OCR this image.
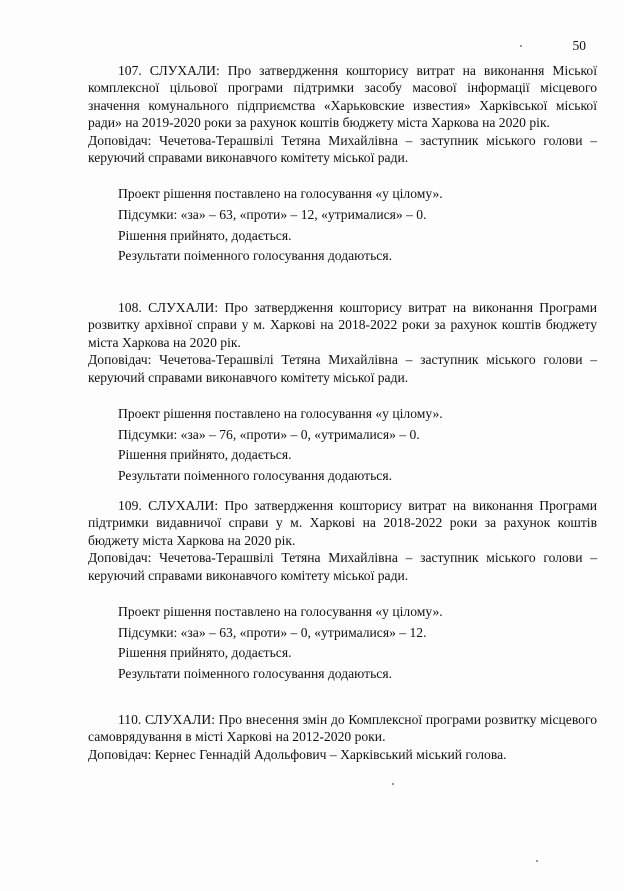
50

107. СЛУХАЛИ: Про затвердження кошторису витрат на виконання Міської комплексної цільової програми підтримки засобу масової інформації місцевого значення комунального підприємства «Харьковские известия» Харківської міської ради» на 2019-2020 роки за рахунок коштів бюджету міста Харкова на 2020 рік.

Доповідач: Чечетова-Терашвілі Тетяна Михайлівна – заступник міського голови – керуючий справами виконавчого комітету міської ради.

Проект рішення поставлено на голосування «у цілому».

Підсумки: «за» – 63, «проти» – 12, «утрималися» – 0.

Рішення прийнято, додається.

Результати поіменного голосування додаються.

108. СЛУХАЛИ: Про затвердження кошторису витрат на виконання Програми розвитку архівної справи у м. Харкові на 2018-2022 роки за рахунок коштів бюджету міста Харкова на 2020 рік.

Доповідач: Чечетова-Терашвілі Тетяна Михайлівна – заступник міського голови – керуючий справами виконавчого комітету міської ради.

Проект рішення поставлено на голосування «у цілому».

Підсумки: «за» – 76, «проти» – 0, «утрималися» – 0.

Рішення прийнято, додається.

Результати поіменного голосування додаються.

109. СЛУХАЛИ: Про затвердження кошторису витрат на виконання Програми підтримки видавничої справи у м. Харкові на 2018-2022 роки за рахунок коштів бюджету міста Харкова на 2020 рік.

Доповідач: Чечетова-Терашвілі Тетяна Михайлівна – заступник міського голови – керуючий справами виконавчого комітету міської ради.

Проект рішення поставлено на голосування «у цілому».

Підсумки: «за» – 63, «проти» – 0, «утрималися» – 12.

Рішення прийнято, додається.

Результати поіменного голосування додаються.

110. СЛУХАЛИ: Про внесення змін до Комплексної програми розвитку місцевого самоврядування в місті Харкові на 2012-2020 роки.

Доповідач: Кернес Геннадій Адольфович – Харківський міський голова.
